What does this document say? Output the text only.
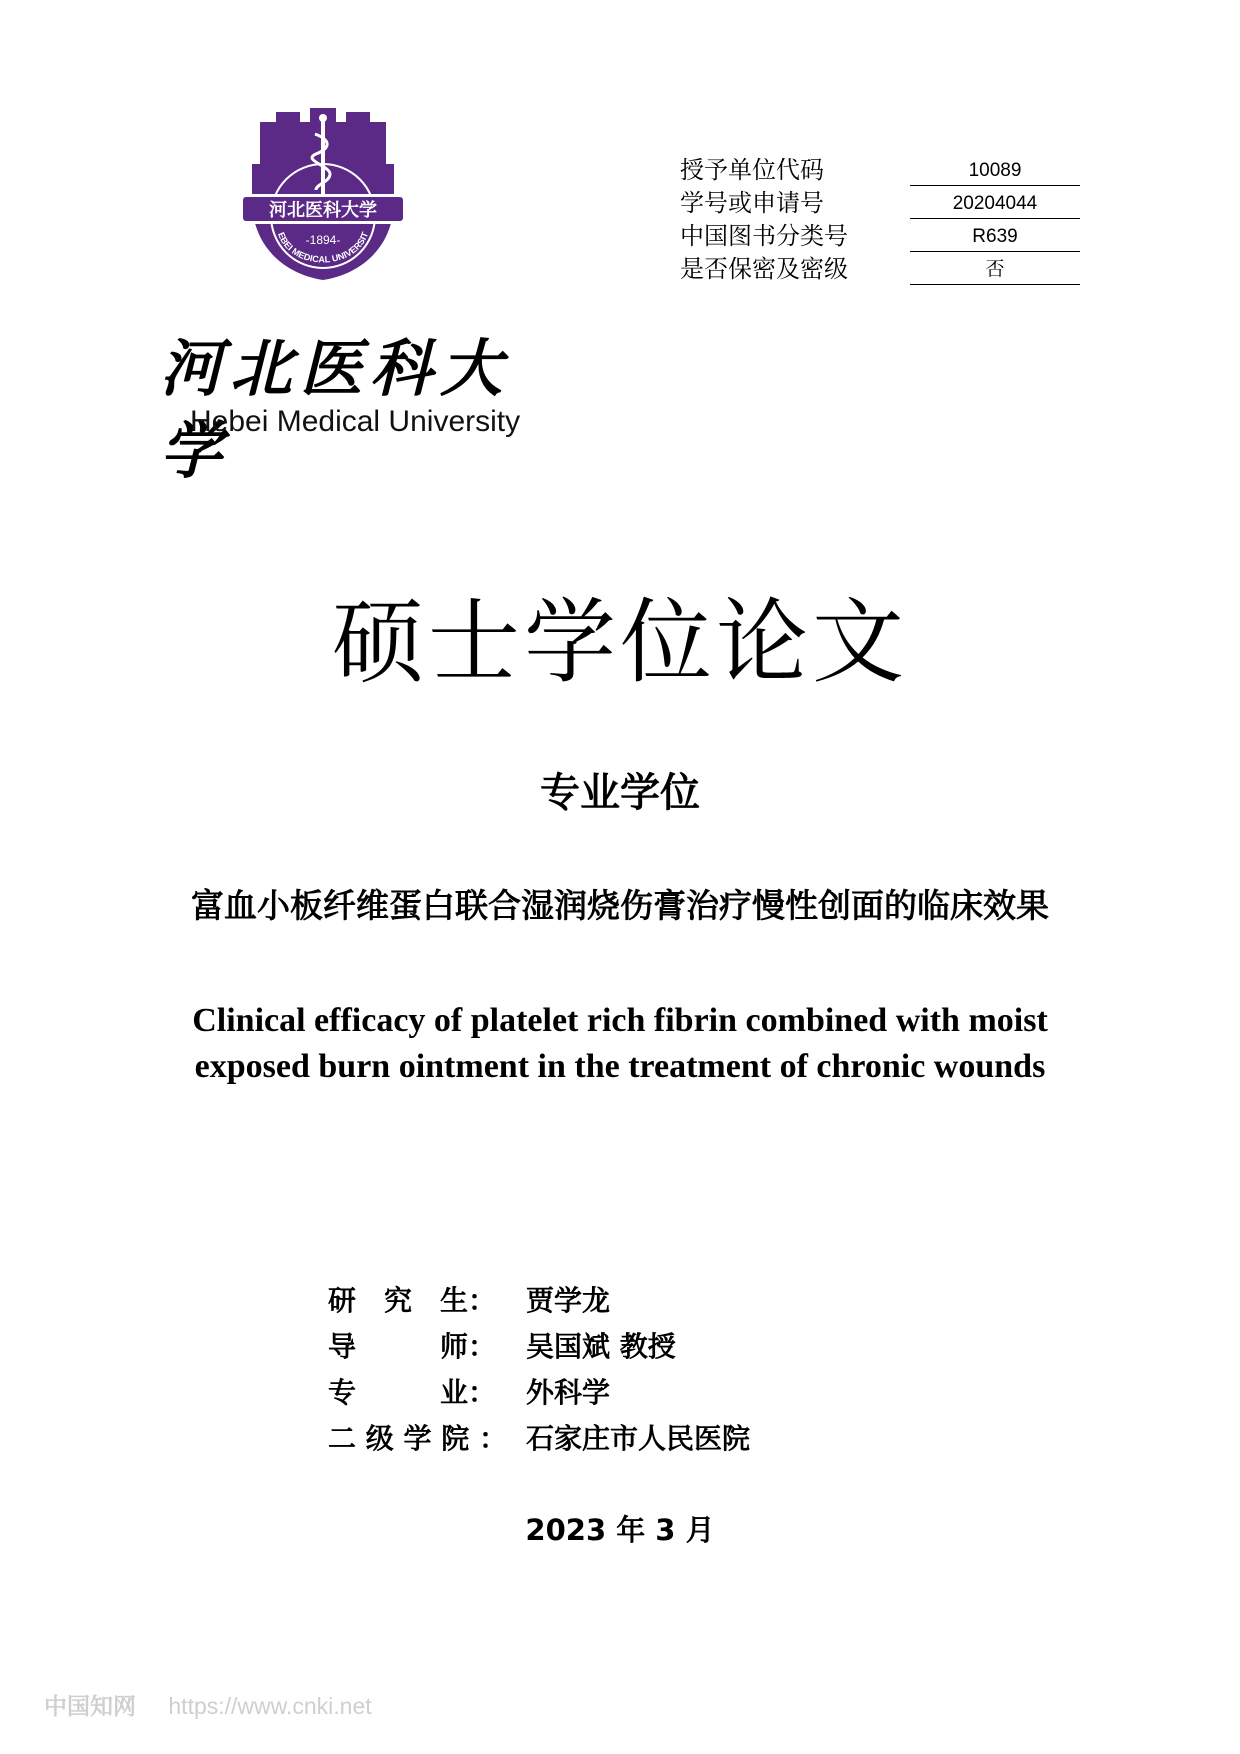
河北医科大学
-1894-
EBEI MEDICAL UNIVERSIT
河北医科大学
Hebei Medical University
授予单位代码	10089
学号或申请号	20204044
中国图书分类号	R639
是否保密及密级	否
硕士学位论文
专业学位
富血小板纤维蛋白联合湿润烧伤膏治疗慢性创面的临床效果
Clinical efficacy of platelet rich fibrin combined with moist exposed burn ointment in the treatment of chronic wounds
研　究　生： 贾学龙
导　　　师： 吴国斌 教授
专　　　业： 外科学
二 级 学 院 ： 石家庄市人民医院
2023 年 3 月
中国知网 https://www.cnki.net
